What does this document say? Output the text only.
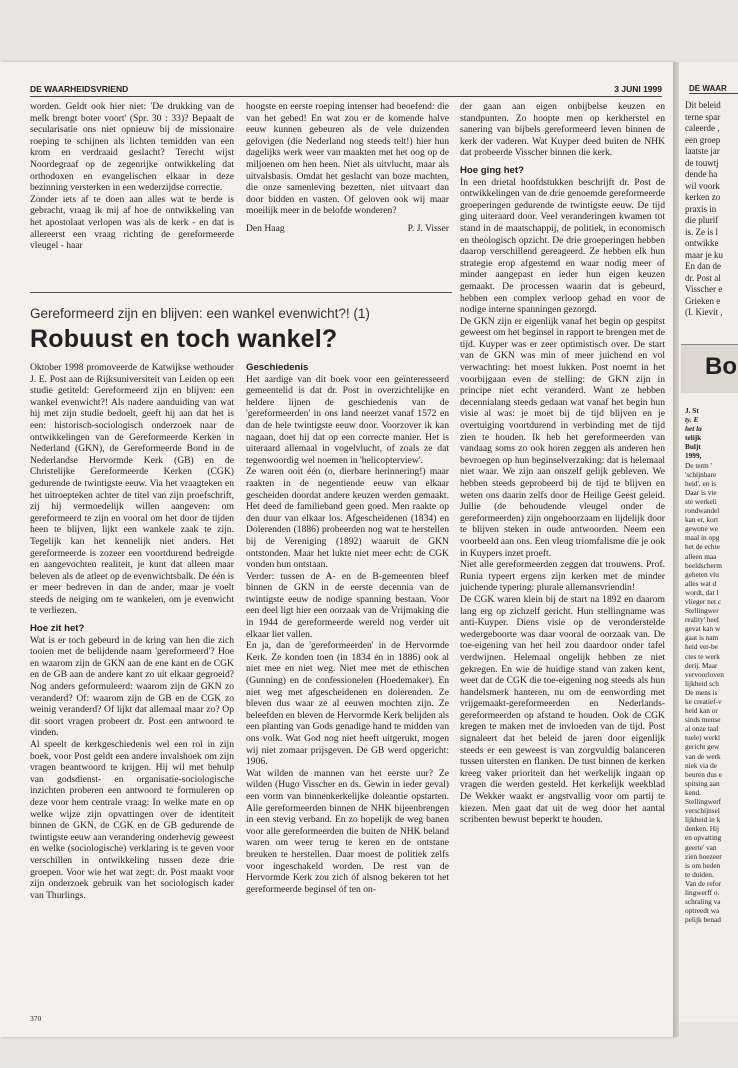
DE WAARHEIDSVRIEND	3 JUNI 1999

worden. Geldt ook hier niet: 'De drukking van de melk brengt boter voort' (Spr. 30 : 33)? Bepaalt de secularisatie ons niet opnieuw bij de missionaire roeping te schijnen als lichten temidden van een krom en verdraaid geslacht? Terecht wijst Noordegraaf op de zegenrijke ontwikkeling dat orthodoxen en evangelischen elkaar in deze bezinning versterken in een wederzijdse correctie.
Zonder iets af te doen aan alles wat te berde is gebracht, vraag ik mij af hoe de ontwikkeling van het apostolaat verlopen was als de kerk - en dat is allereerst een vraag richting de gereformeerde vleugel - haar

hoogste en eerste roeping intenser had beoefend: die van het gebed! En wat zou er de komende halve eeuw kunnen gebeuren als de vele duizenden gelovigen (die Nederland nog steeds telt!) hier hun dagelijks werk weer van maakten met het oog op de miljoenen om hen heen. Niet als uitvlucht, maar als uitvalsbasis. Omdat het geslacht van boze machten, die onze samenleving bezetten, niet uitvaart dan door bidden en vasten. Of geloven ook wij maar moeilijk meer in de belofde wonderen?

Den Haag	P. J. Visser
Gereformeerd zijn en blijven: een wankel evenwicht?! (1)
Robuust en toch wankel?

Oktober 1998 promoveerde de Katwijkse wethouder J. E. Post aan de Rijksuniversiteit van Leiden op een studie getiteld: Gereformeerd zijn en blijven: een wankel evenwicht?! Als nadere aanduiding van wat hij met zijn studie bedoelt, geeft hij aan dat het is een: historisch-sociologisch onderzoek naar de ontwikkelingen van de Gereformeerde Kerken in Nederland (GKN), de Gereformeerde Bond in de Nederlandse Hervormde Kerk (GB) en de Christelijke Gereformeerde Kerken (CGK) gedurende de twintigste eeuw. Via het vraagteken en het uitroepteken achter de titel van zijn proefschrift, zij hij vermoedelijk willen aangeven: om gereformeerd te zijn en vooral om het door de tijden heen te blijven, lijkt een wankele zaak te zijn. Tegelijk kan het kennelijk niet anders. Het gereformeerde is zozeer een voortdurend bedreigde en aangevochten realiteit, je kunt dat alleen maar beleven als de atleet op de evenwichtsbalk. De één is er meer bedreven in dan de ander, maar je voelt steeds de neiging om te wankelen, om je evenwicht te verliezen.

Hoe zit het?

Wat is er toch gebeurd in de kring van hen die zich tooien met de belijdende naam 'gereformeerd'? Hoe en waarom zijn de GKN aan de ene kant en de CGK en de GB aan de andere kant zo uit elkaar gegroeid? Nog anders geformuleerd: waarom zijn de GKN zo veranderd? Of: waarom zijn de GB en de CGK zo weinig veranderd? Of lijkt dat allemaal maar zo? Op dit soort vragen probeert dr. Post een antwoord te vinden.
Al speelt de kerkgeschiedenis wel een rol in zijn boek, voor Post geldt een andere invalshoek om zijn vragen beantwoord te krijgen. Hij wil met behulp van godsdienst- en organisatie-sociologische inzichten proberen een antwoord te formuleren op deze voor hem centrale vraag: In welke mate en op welke wijze zijn opvattingen over de identiteit binnen de GKN, de CGK en de GB gedurende de twintigste eeuw aan verandering onderhevig geweest en welke (sociologische) verklaring is te geven voor verschillen in ontwikkeling tussen deze drie groepen. Voor wie het wat zegt: dr. Post maakt voor zijn onderzoek gebruik van het sociologisch kader van Thurlings.

Geschiedenis

Het aardige van dit boek voor een geïnteresseerd gemeentelid is dat dr. Post in overzichtelijke en heldere lijnen de geschiedenis van de 'gereformeerden' in ons land neerzet vanaf 1572 en dan de hele twintigste eeuw door. Voorzover ik kan nagaan, doet hij dat op een correcte manier. Het is uiteraard allemaal in vogelvlucht, of zoals ze dat tegenwoordig wel noemen in 'helicopterview'.
Ze waren ooit één (o, dierbare herinnering!) maar raakten in de negentiende eeuw van elkaar gescheiden doordat andere keuzen werden gemaakt. Het deed de familieband geen goed. Men raakte op den duur van elkaar los. Afgescheidenen (1834) en Dolerenden (1886) probeerden nog wat te herstellen bij de Vereniging (1892) waaruit de GKN ontstonden. Maar het lukte niet meer echt: de CGK vonden hun ontstaan.
Verder: tussen de A- en de B-gemeenten bleef binnen de GKN in de eerste decennia van de twintigste eeuw de nodige spanning bestaan. Voor een deel ligt hier een oorzaak van de Vrijmaking die in 1944 de gereformeerde wereld nog verder uit elkaar liet vallen.
En ja, dan de 'gereformeerden' in de Hervormde Kerk. Ze konden toen (in 1834 én in 1886) ook al niet mee en niet weg. Niet mee met de ethischen (Gunning) en de confessionelen (Hoedemaker). En niet weg met afgescheidenen en dolerenden. Ze bleven dus waar ze al eeuwen mochten zijn. Ze beleefden en bleven de Hervormde Kerk belijden als een planting van Gods genadige hand te midden van ons volk. Wat God nog niet heeft uitgerukt, mogen wij niet zomaar prijsgeven. De GB werd opgericht: 1906.
Wat wilden de mannen van het eerste uur? Ze wilden (Hugo Visscher en ds. Gewin in ieder geval) een vorm van binnenkerkelijke doleantie opstarten. Alle gereformeerden binnen de NHK bijeenbrengen in een stevig verband. En zo hopelijk de weg banen voor alle gereformeerden die buiten de NHK beland waren om weer terug te keren en de ontstane breuken te herstellen. Daar moest de politiek zelfs voor ingeschakeld worden. De rest van de Hervormde Kerk zou zich óf alsnog bekeren tot het gereformeerde beginsel óf ten on-

der gaan aan eigen onbijbelse keuzen en standpunten. Zo hoopte men op kerkherstel en sanering van bijbels gereformeerd leven binnen de kerk der vaderen. Wat Kuyper deed buiten de NHK dat probeerde Visscher binnen die kerk.

Hoe ging het?

In een drietal hoofdstukken beschrijft dr. Post de ontwikkelingen van de drie genoemde gereformeerde groeperingen gedurende de twintigste eeuw. De tijd ging uiteraard door. Veel veranderingen kwamen tot stand in de maatschappij, de politiek, in economisch en theologisch opzicht. De drie groeperingen hebben daarop verschillend gereageerd. Ze hebben elk hun strategie erop afgestemd en waar nodig meer of minder aangepast en ieder hun eigen keuzen gemaakt. De processen waarin dat is gebeurd, hebben een complex verloop gehad en voor de nodige interne spanningen gezorgd.
De GKN zijn er eigenlijk vanaf het begin op gespitst geweest om het beginsel in rapport te brengen met de tijd. Kuyper was er zeer optimistisch over. De start van de GKN was min of meer juichend en vol verwachting: het moest lukken. Post noemt in het voorbijgaan even de stelling: de GKN zijn in principe niet echt veranderd. Want ze hebben decennialang steeds gedaan wat vanaf het begin hun visie al was: je moet bij de tijd blijven en je overtuiging voortdurend in verbinding met de tijd zien te houden. Ik heb het gereformeerden van vandaag soms zo ook horen zeggen als anderen hen bevroegen op hun beginselverzaking: dat is helemaal niet waar. We zijn aan onszelf gelijk gebleven. We hebben steeds geprobeerd bij de tijd te blijven en weten ons daarin zelfs door de Heilige Geest geleid. Jullie (de behoudende vleugel onder de gereformeerden) zijn ongehoorzaam en lijdelijk door te blijven steken in oude antwoorden. Neem een voorbeeld aan ons. Een vleug triomfalisme die je ook in Kuypers inzet proeft.
Niet alle gereformeerden zeggen dat trouwens. Prof. Runia typeert ergens zijn kerken met de minder juichende typering: plurale allemansvriendin!
De CGK waren klein bij de start na 1892 en daarom lang erg op zichzelf gericht. Hun stellingname was anti-Kuyper. Diens visie op de veronderstelde wedergeboorte was daar vooral de oorzaak van. De toe-eigening van het heil zou daardoor onder tafel verdwijnen. Helemaal ongelijk hebben ze niet gekregen. En wie de huidige stand van zaken kent, weet dat de CGK die toe-eigening nog steeds als hun handelsmerk hanteren, nu om de eenwording met vrijgemaakt-gereformeerden en Nederlands-gereformeerden op afstand te houden. Ook de CGK kregen te maken met de invloeden van de tijd. Post signaleert dat het beleid de jaren door eigenlijk steeds er een geweest is van zorgvuldig balanceren tussen uitersten en flanken. De tust binnen de kerken kreeg vaker prioriteit dan het werkelijk ingaan op vragen die werden gesteld. Het kerkelijk weekblad De Wekker waakt er angstvallig voor om partij te kiezen. Men gaat dat uit de weg door het aantal scribenten bewust beperkt te houden.

370
DE WAAR

Dit beleid

terne spar

caleerde ,

een groep

laatste jar

de touwtj

dende ha

wil voork

kerken zo

praxis in

die plurif

is. Ze is l

ontwikke

maar je ku

En dan de

dr. Post al

Visscher e

Grieken e

(I. Kievit ,

Bo

J. St

ty. E

het la

telijk

Buljt

1999,

De term '

'schijnbare

heid', en is

Daar is vie

ste werkeli

rondwandel

kan er, kort

gewone we

maal in opg

het de echte

alleen maa

beeldscherm

geheten vlu

alles wat d

wordt, dat l

vlieger net c

Stellingwer

reality' heel

gevat kan w

gaat is nam

heid ver-be

ctes te werk

derij. Maar

vervoorloven

lijkheid sch

De mens is

ke creatief-v

heid kan or

sinds mense

al onze taal

tuele) werkl

gericht gew

van de werk

niek via de

beuren dus e

spitsing aan

kend.

Stellingwerf

verschijnsel

lijkheid in k

denken. Hij

en opvatting

geerte' van

zien hoezeer

is om heden

te duiden.

Van de refor

lingwerff o.

schraling va

optreedt wa

pelijk benad
